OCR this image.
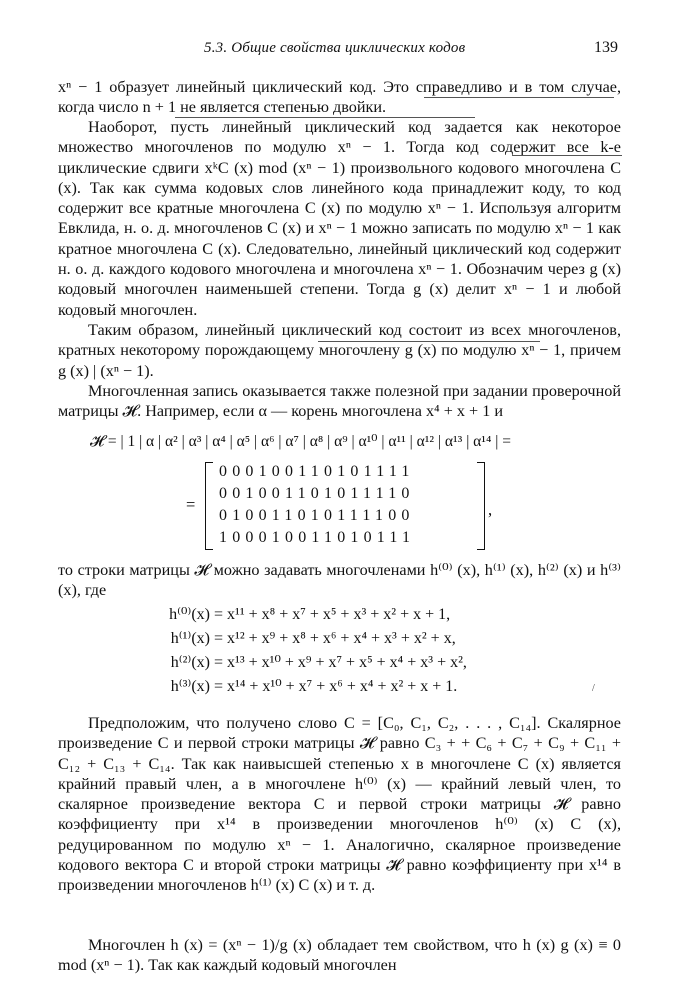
5.3. Общие свойства циклических кодов	139

xⁿ − 1 образует линейный циклический код. Это справедливо и в том случае, когда число n + 1 не является степенью двойки.

Наоборот, пусть линейный циклический код задается как некоторое множество многочленов по модулю xⁿ − 1. Тогда код содержит все k-е циклические сдвиги xᵏC (x) mod (xⁿ − 1) произвольного кодового многочлена C (x). Так как сумма кодовых слов линейного кода принадлежит коду, то код содержит все кратные многочлена C (x) по модулю xⁿ − 1. Используя алгоритм Евклида, н. о. д. многочленов C (x) и xⁿ − 1 можно записать по модулю xⁿ − 1 как кратное многочлена C (x). Следовательно, линейный циклический код содержит н. о. д. каждого кодового многочлена и многочлена xⁿ − 1. Обозначим через g (x) кодовый многочлен наименьшей степени. Тогда g (x) делит xⁿ − 1 и любой кодовый многочлен.

Таким образом, линейный циклический код состоит из всех многочленов, кратных некоторому порождающему многочлену g (x) по модулю xⁿ − 1, причем g (x) | (xⁿ − 1).

Многочленная запись оказывается также полезной при задании проверочной матрицы 𝓗. Например, если α — корень многочлена x⁴ + x + 1 и

𝓗 = | 1 | α | α² | α³ | α⁴ | α⁵ | α⁶ | α⁷ | α⁸ | α⁹ | α¹⁰ | α¹¹ | α¹² | α¹³ | α¹⁴ | =
=
000100110101111
001001101011110
010011010111100
100010011010111
,

то строки матрицы 𝓗 можно задавать многочленами h⁽⁰⁾ (x), h⁽¹⁾ (x), h⁽²⁾ (x) и h⁽³⁾ (x), где

h⁽⁰⁾(x) = x¹¹ + x⁸ + x⁷ + x⁵ + x³ + x² + x + 1,
h⁽¹⁾(x) = x¹² + x⁹ + x⁸ + x⁶ + x⁴ + x³ + x² + x,
h⁽²⁾(x) = x¹³ + x¹⁰ + x⁹ + x⁷ + x⁵ + x⁴ + x³ + x²,
h⁽³⁾(x) = x¹⁴ + x¹⁰ + x⁷ + x⁶ + x⁴ + x² + x + 1.

Предположим, что получено слово C = [C₀, C₁, C₂, . . . , C₁₄]. Скалярное произведение C и первой строки матрицы 𝓗 равно C₃ + + C₆ + C₇ + C₉ + C₁₁ + C₁₂ + C₁₃ + C₁₄. Так как наивысшей степенью x в многочлене C (x) является крайний правый член, а в многочлене h⁽⁰⁾ (x) — крайний левый член, то скалярное произведение вектора C и первой строки матрицы 𝓗 равно коэффициенту при x¹⁴ в произведении многочленов h⁽⁰⁾ (x) C (x), редуцированном по модулю xⁿ − 1. Аналогично, скалярное произведение кодового вектора C и второй строки матрицы 𝓗 равно коэффициенту при x¹⁴ в произведении многочленов h⁽¹⁾ (x) C (x) и т. д.

Многочлен h (x) = (xⁿ − 1)/g (x) обладает тем свойством, что h (x) g (x) ≡ 0 mod (xⁿ − 1). Так как каждый кодовый многочлен

/
